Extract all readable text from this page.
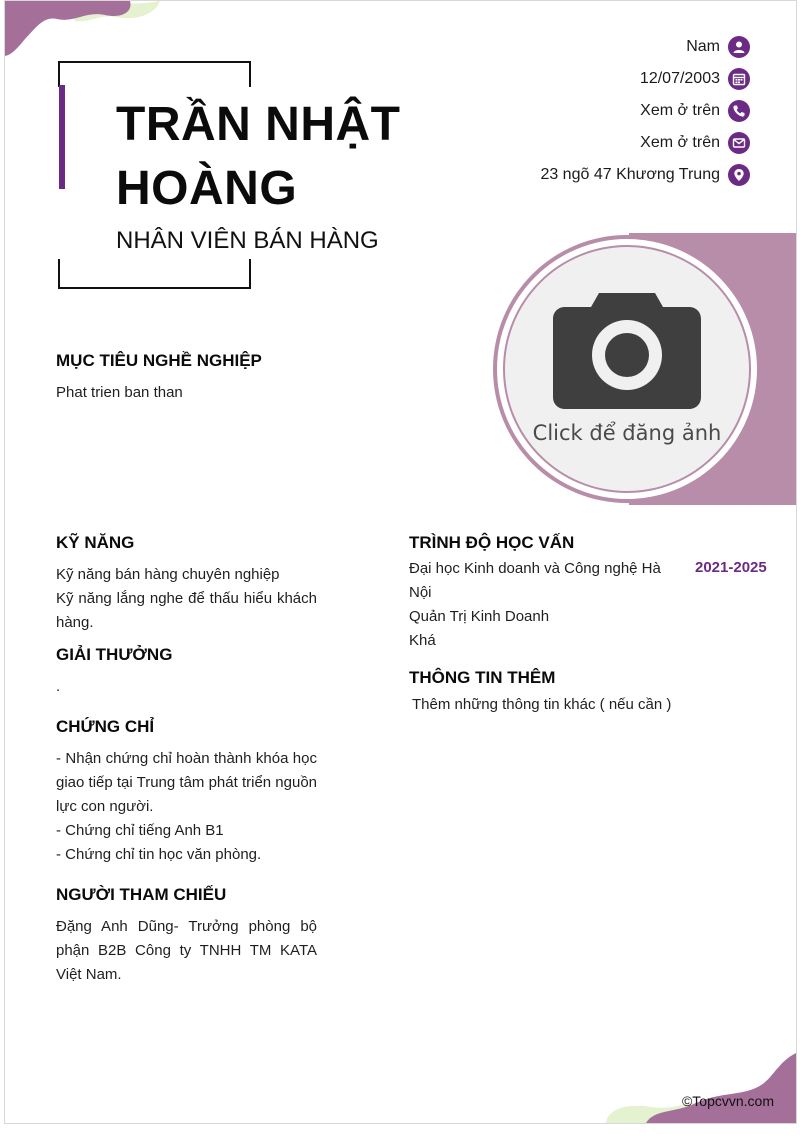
TRẦN NHẬT
HOÀNG

NHÂN VIÊN BÁN HÀNG

Nam
12/07/2003
Xem ở trên
Xem ở trên
23 ngõ 47 Khương Trung
Click để đăng ảnh
MỤC TIÊU NGHỀ NGHIỆP

Phat trien ban than

KỸ NĂNG
Kỹ năng bán hàng chuyên nghiệp
Kỹ năng lắng nghe để thấu hiểu khách hàng.
GIẢI THƯỞNG

.

CHỨNG CHỈ
- Nhận chứng chỉ hoàn thành khóa học giao tiếp tại Trung tâm phát triển nguồn lực con người.
- Chứng chỉ tiếng Anh B1
- Chứng chỉ tin học văn phòng.
NGƯỜI THAM CHIẾU

Đặng Anh Dũng- Trưởng phòng bộ phận B2B Công ty TNHH TM KATA Việt Nam.

TRÌNH ĐỘ HỌC VẤN
Đại học Kinh doanh và Công nghệ Hà Nội
Quản Trị Kinh Doanh
Khá
2021-2025
THÔNG TIN THÊM

Thêm những thông tin khác ( nếu cần )

©Topcvvn.com
